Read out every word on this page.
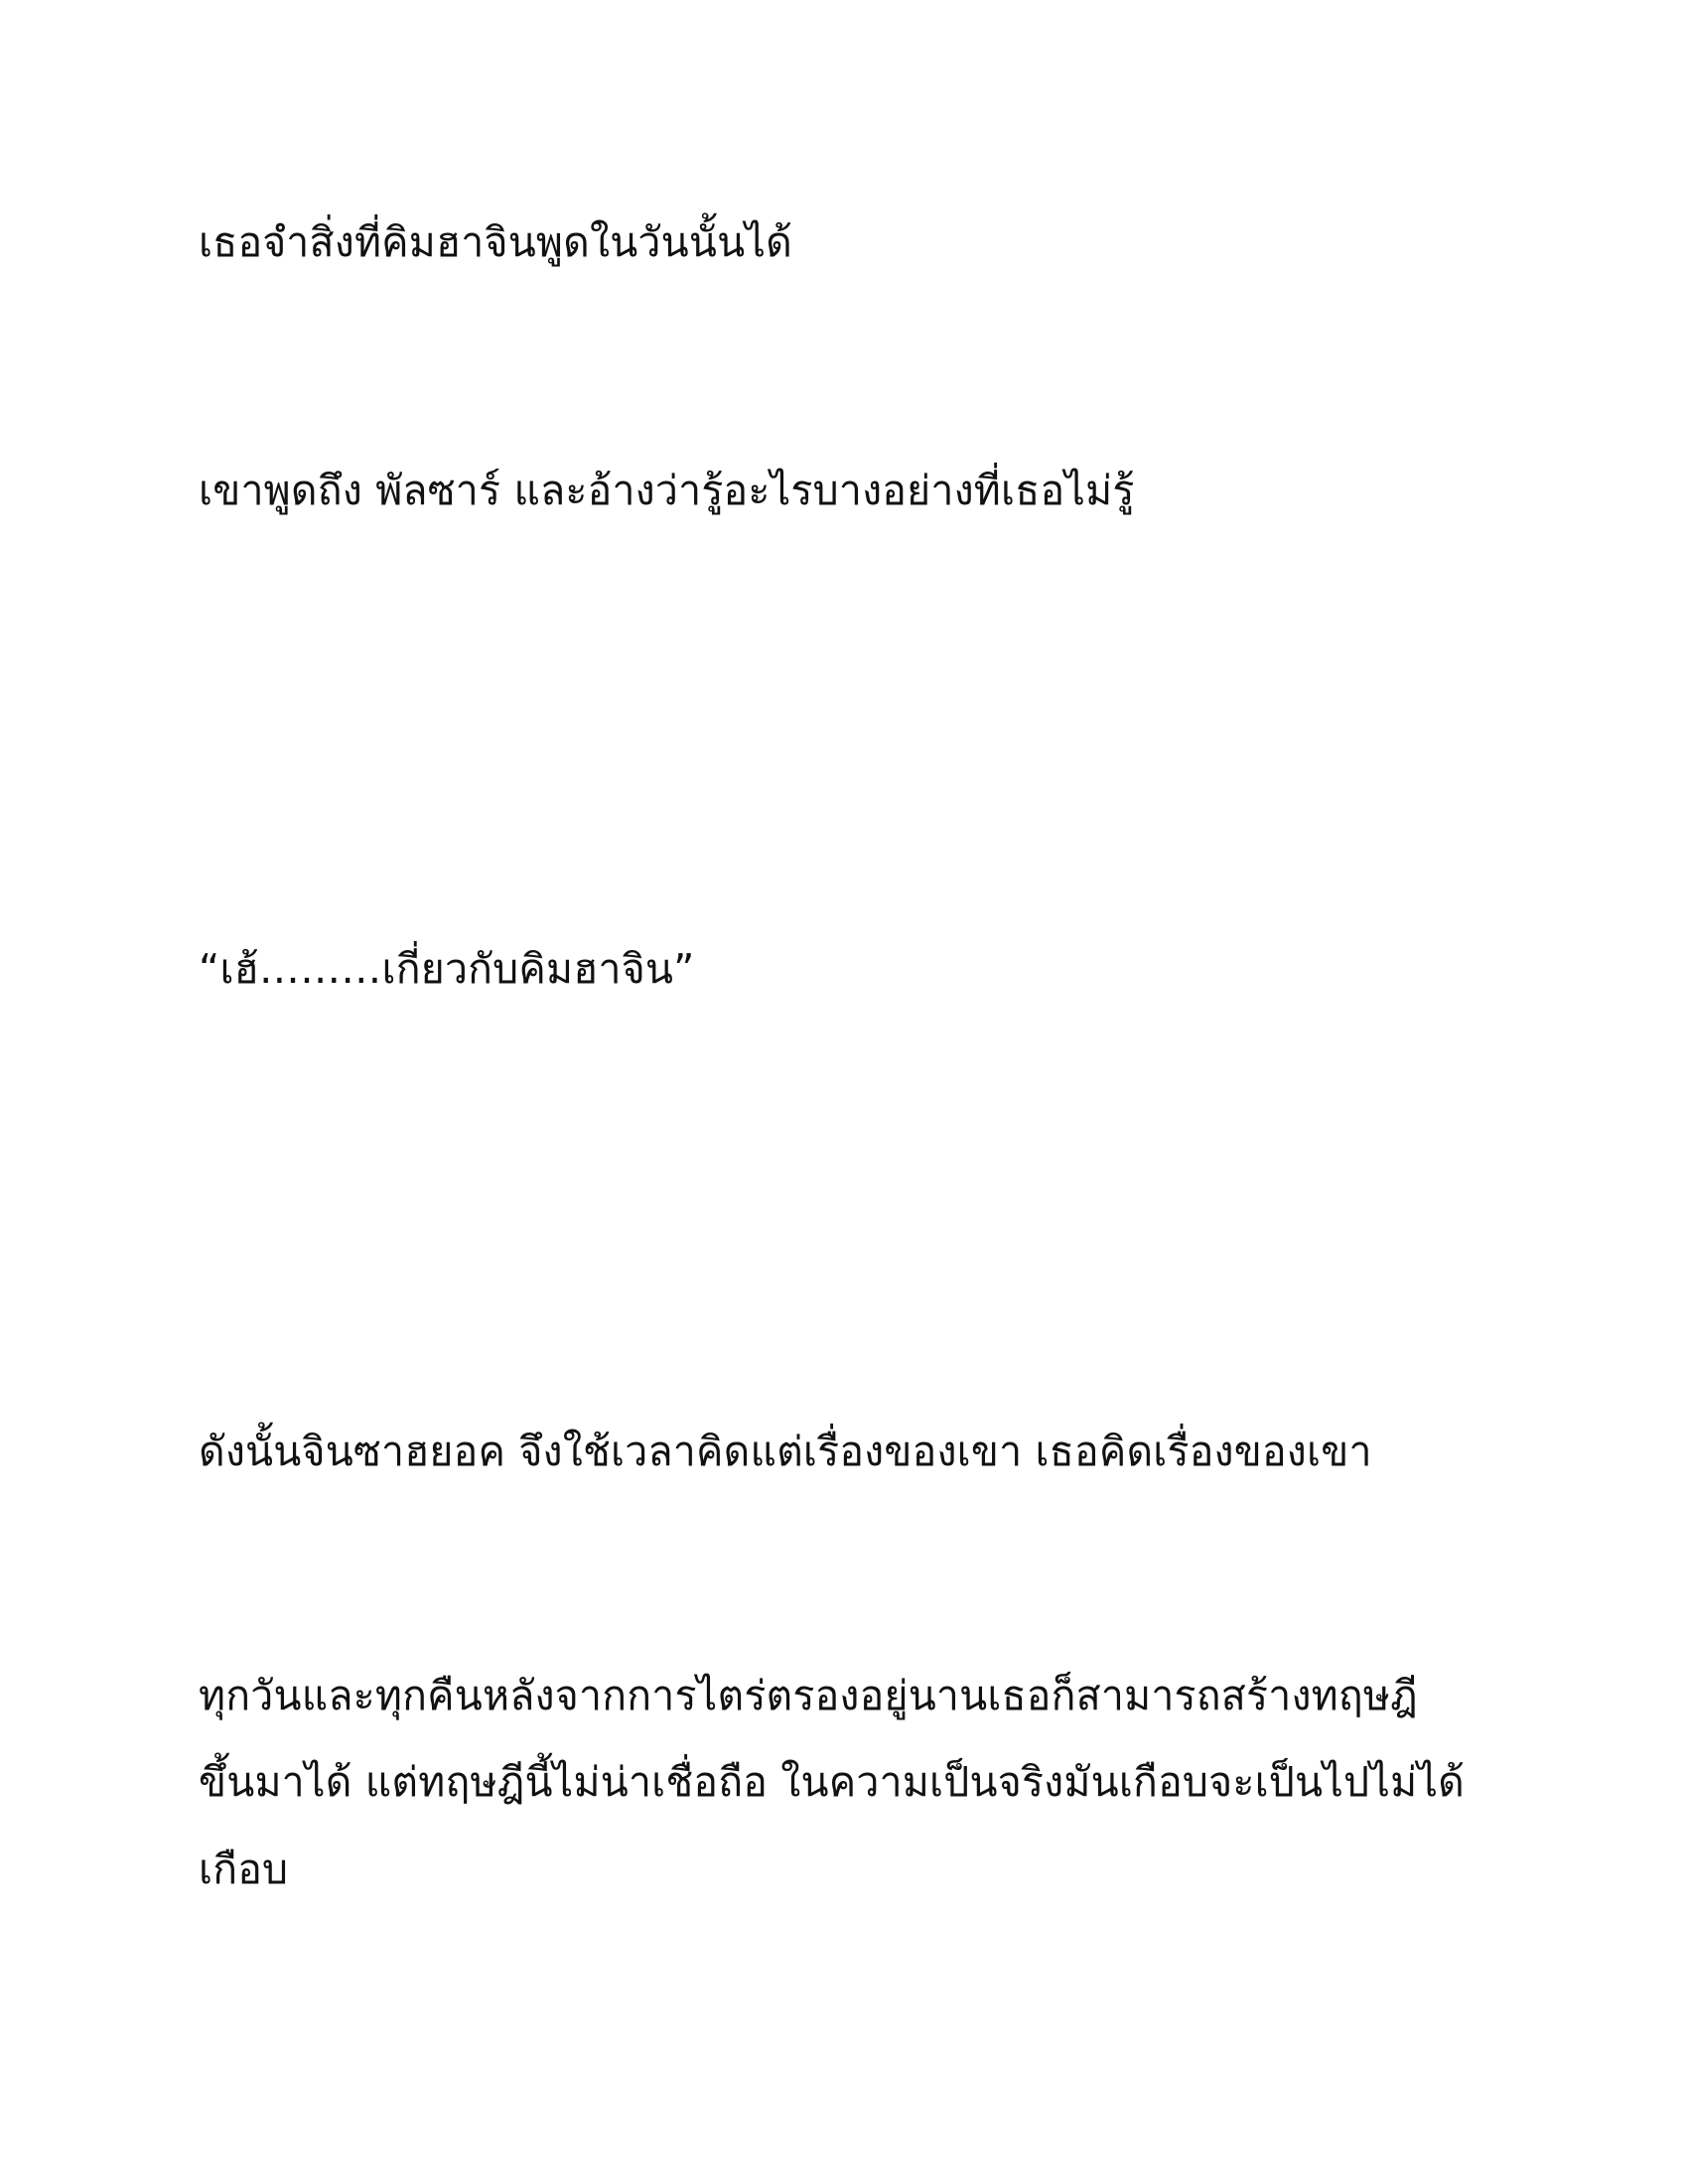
เธอจำสิ่งที่คิมฮาจินพูดในวันนั้นได้

เขาพูดถึง พัลซาร์ และอ้างว่ารู้อะไรบางอย่างที่เธอไม่รู้

“เฮ้………เกี่ยวกับคิมฮาจิน”

ดังนั้นจินซาฮยอค จึงใช้เวลาคิดแต่เรื่องของเขา เธอคิดเรื่องของเขา

ทุกวันและทุกคืนหลังจากการไตร่ตรองอยู่นานเธอก็สามารถสร้างทฤษฎี

ขึ้นมาได้ แต่ทฤษฎีนี้ไม่น่าเชื่อถือ ในความเป็นจริงมันเกือบจะเป็นไปไม่ได้

เกือบ
